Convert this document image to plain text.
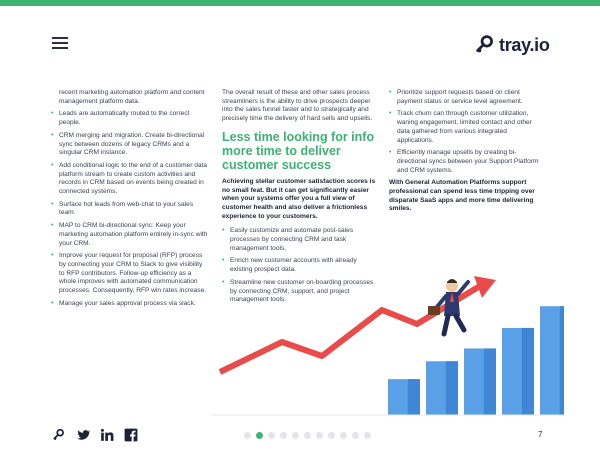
tray.io
recent marketing automation platform and content management platform data.
• Leads are automatically routed to the correct people.
• CRM merging and migration. Create bi-directional sync between dozens of legacy CRMs and a singular CRM instance.
• Add conditional logic to the end of a customer data platform stream to create custom activities and records in CRM based on events being created in connected systems.
• Surface hot leads from web-chat to your sales team.
• MAP to CRM bi-directional sync: Keep your marketing automation platform entirely in-sync with your CRM.
• Improve your request for proposal (RFP) process by connecting your CRM to Slack to give visibility to RFP contributors. Follow-up efficiency as a whole improves with automated communication processes. Consequently, RFP win rates increase.
• Manage your sales approval process via slack.

The overall result of these and other sales process streamliners is the ability to drive prospects deeper into the sales funnel faster and to strategically and precisely time the delivery of hard sells and upsells.

Less time looking for info more time to deliver customer success

Achieving stellar customer satisfaction scores is no small feat. But it can get significantly easier when your systems offer you a full view of customer health and also deliver a frictionless experience to your customers.

• Easily customize and automate post-sales processes by connecting CRM and task management tools.
• Enrich new customer accounts with already existing prospect data.
• Streamline new customer on-boarding processes by connecting CRM, support, and project management tools.
• Prioritize support requests based on client payment status or service level agreement.
• Track churn can through customer utilization, waning engagement, limited contact and other data gathered from various integrated applications.
• Efficiently manage upsells by creating bi-directional syncs between your Support Platform and CRM systems.

With General Automation Platforms support professional can spend less time tripping over disparate SaaS apps and more time delivering smiles.

7
